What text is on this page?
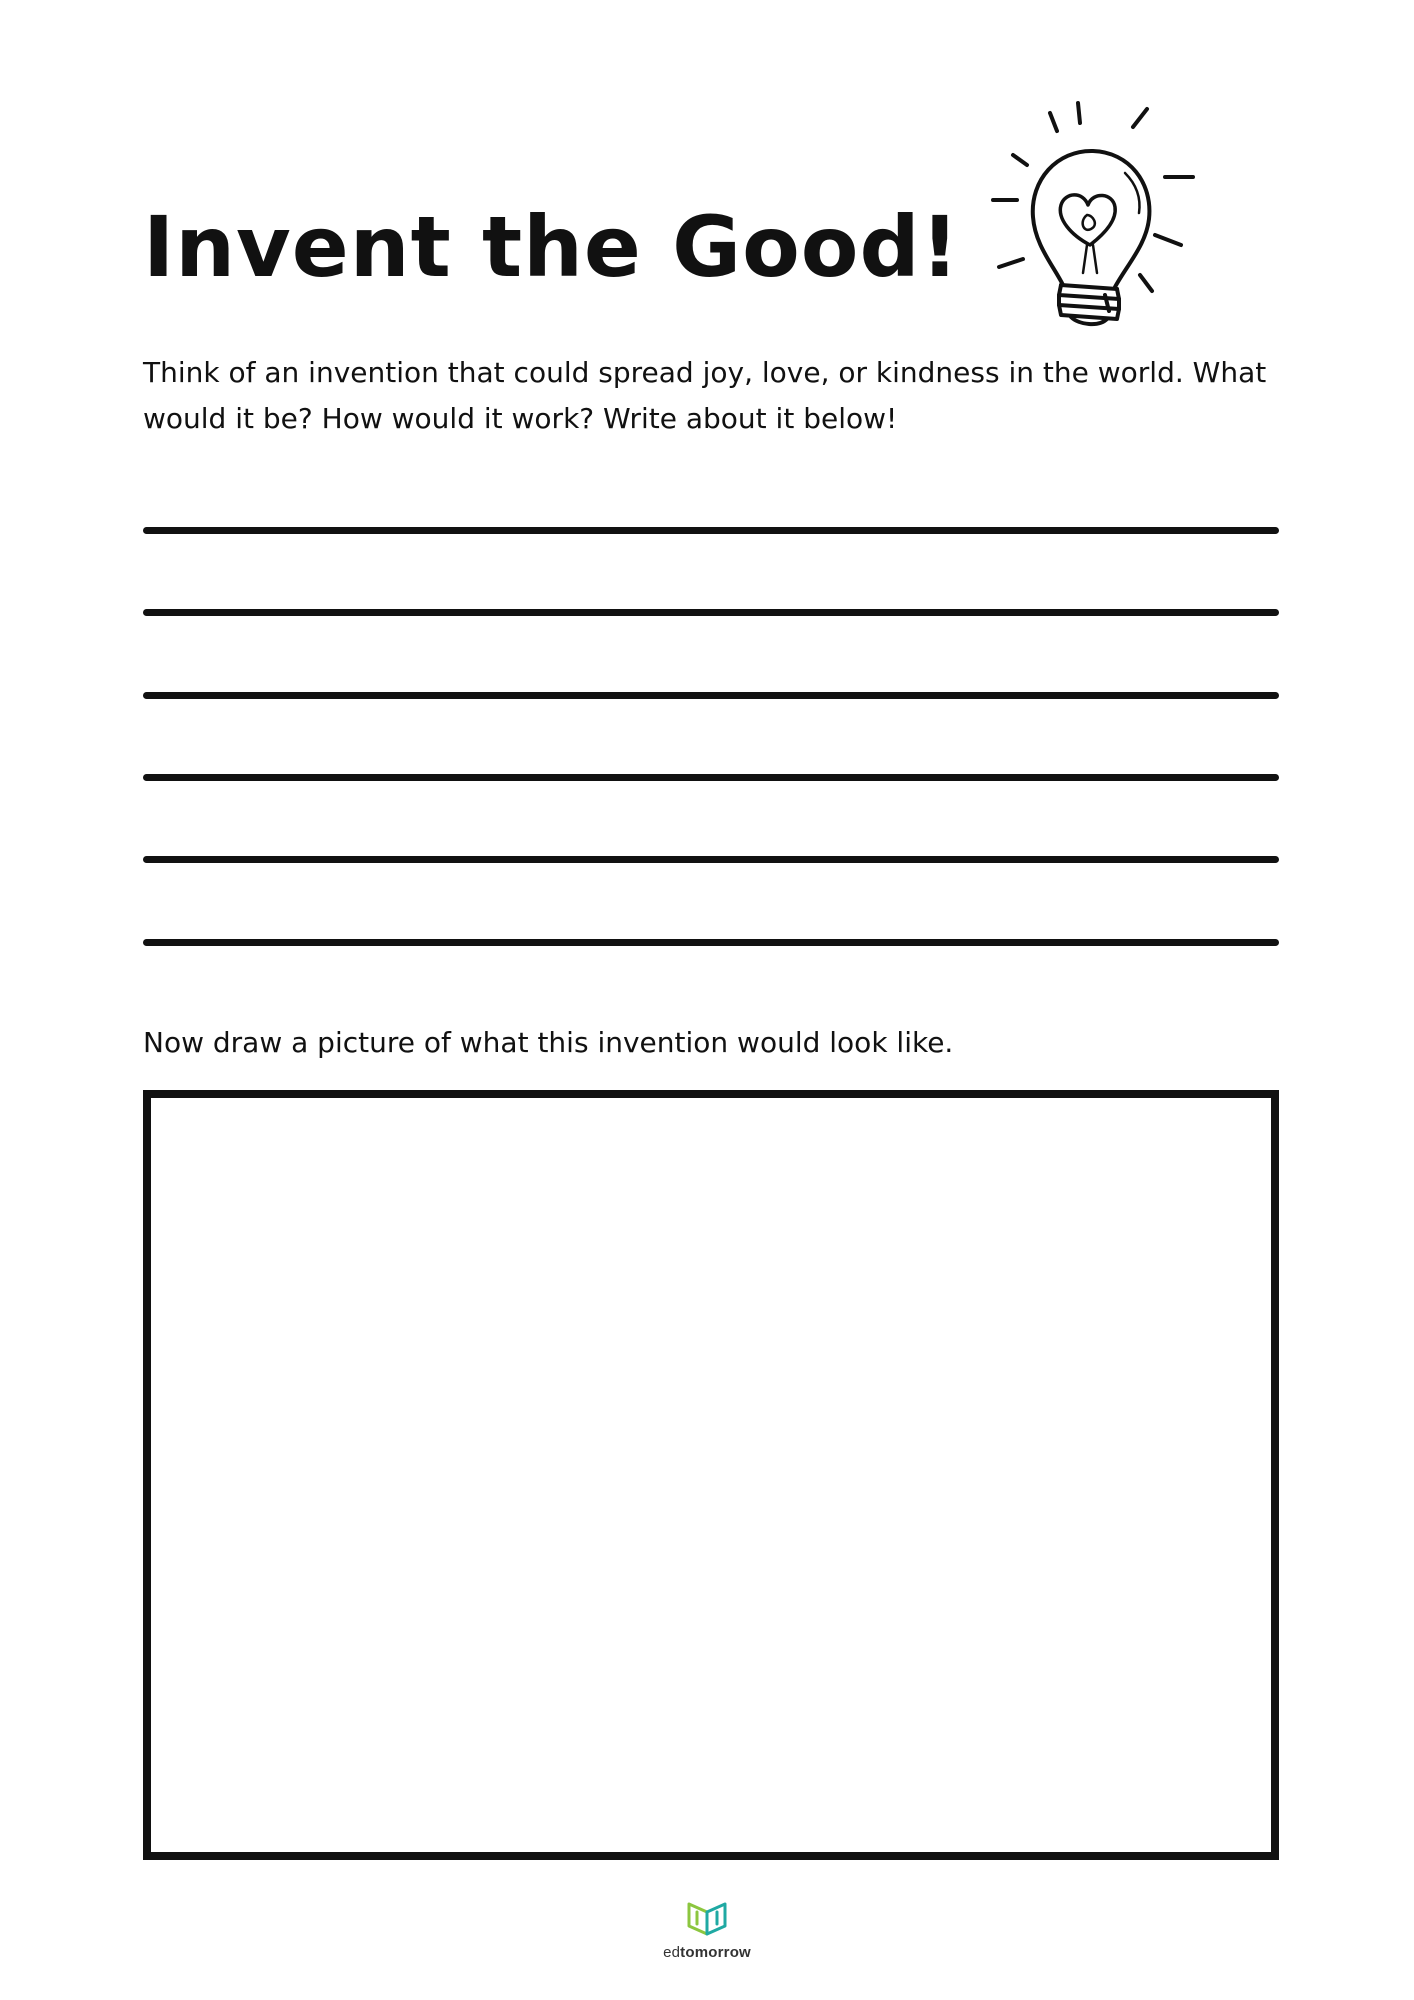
Invent the Good!

Think of an invention that could spread joy, love, or kindness in the world. What would it be? How would it work? Write about it below!

Now draw a picture of what this invention would look like.

edtomorrow
